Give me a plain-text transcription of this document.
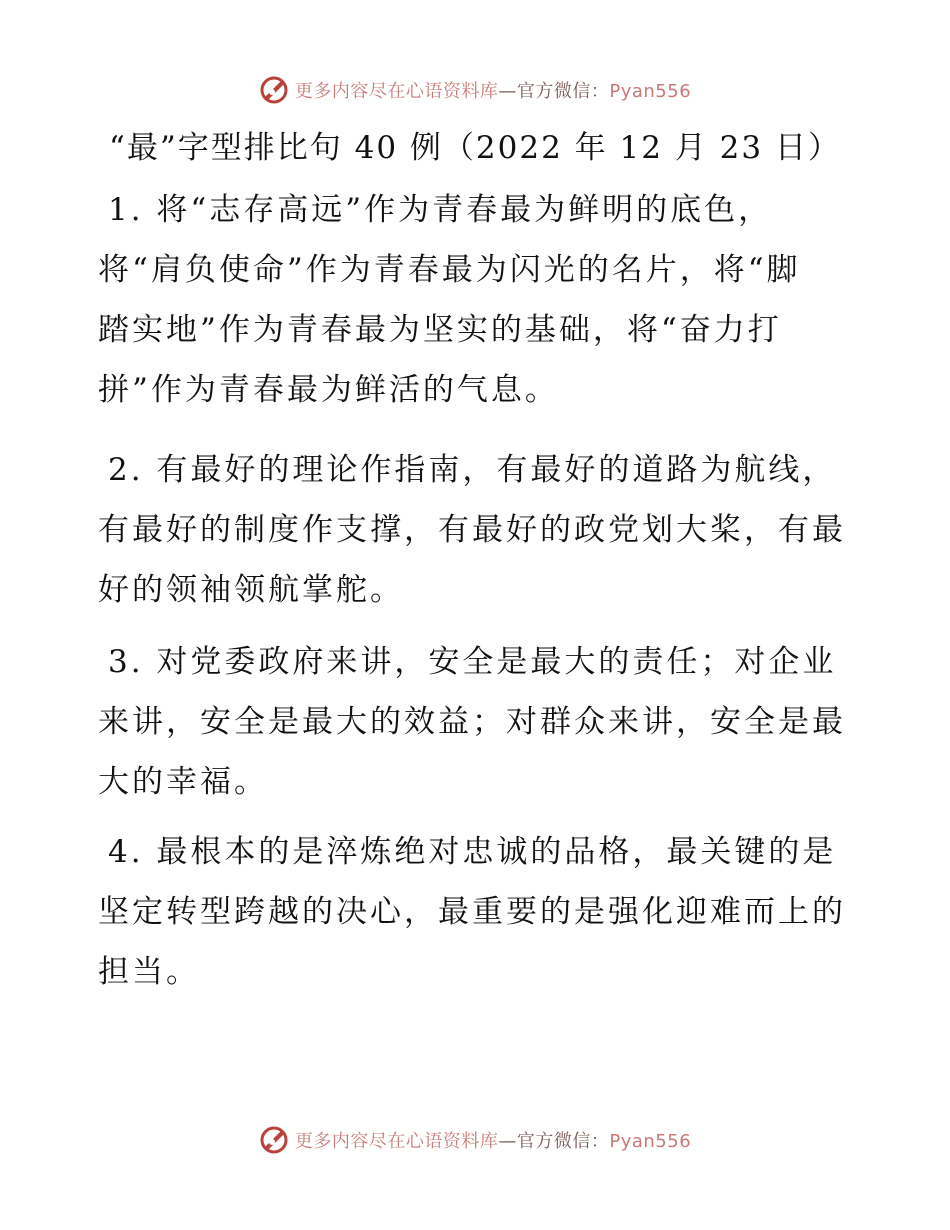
更多内容尽在心语资料库—官方微信：Pyan556
“最”字型排比句 40 例（2022 年 12 月 23 日）
1. 将“志存高远”作为青春最为鲜明的底色，
将“肩负使命”作为青春最为闪光的名片，将“脚
踏实地”作为青春最为坚实的基础，将“奋力打
拼”作为青春最为鲜活的气息。
2. 有最好的理论作指南，有最好的道路为航线，
有最好的制度作支撑，有最好的政党划大桨，有最
好的领袖领航掌舵。
3. 对党委政府来讲，安全是最大的责任；对企业
来讲，安全是最大的效益；对群众来讲，安全是最
大的幸福。
4. 最根本的是淬炼绝对忠诚的品格，最关键的是
坚定转型跨越的决心，最重要的是强化迎难而上的
担当。
更多内容尽在心语资料库—官方微信：Pyan556
